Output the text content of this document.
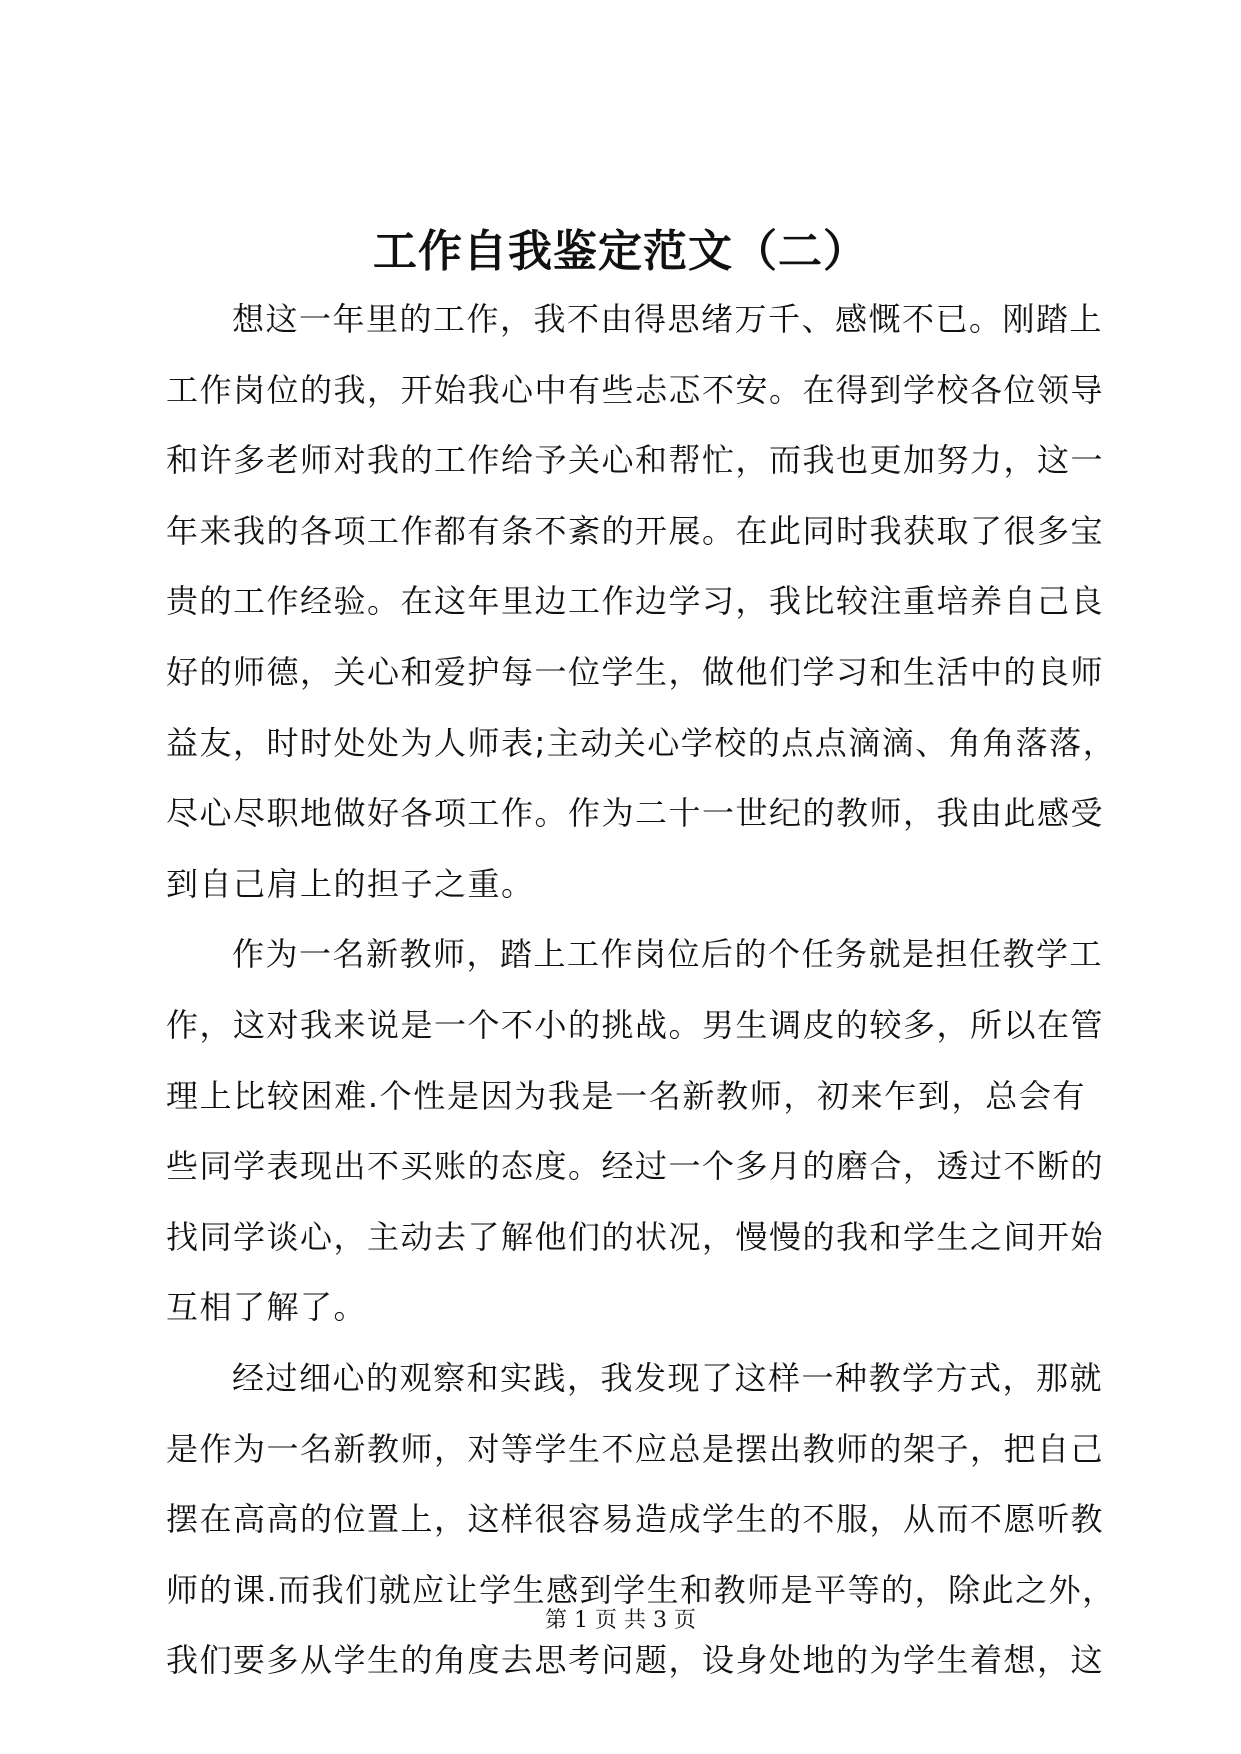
工作自我鉴定范文（二）

想这一年里的工作，我不由得思绪万千、感慨不已。刚踏上
工作岗位的我，开始我心中有些忐忑不安。在得到学校各位领导
和许多老师对我的工作给予关心和帮忙，而我也更加努力，这一
年来我的各项工作都有条不紊的开展。在此同时我获取了很多宝
贵的工作经验。在这年里边工作边学习，我比较注重培养自己良
好的师德，关心和爱护每一位学生，做他们学习和生活中的良师
益友，时时处处为人师表;主动关心学校的点点滴滴、角角落落，
尽心尽职地做好各项工作。作为二十一世纪的教师，我由此感受
到自己肩上的担子之重。

作为一名新教师，踏上工作岗位后的个任务就是担任教学工
作，这对我来说是一个不小的挑战。男生调皮的较多，所以在管
理上比较困难.个性是因为我是一名新教师，初来乍到，总会有
些同学表现出不买账的态度。经过一个多月的磨合，透过不断的
找同学谈心，主动去了解他们的状况，慢慢的我和学生之间开始
互相了解了。

经过细心的观察和实践，我发现了这样一种教学方式，那就
是作为一名新教师，对等学生不应总是摆出教师的架子，把自己
摆在高高的位置上，这样很容易造成学生的不服，从而不愿听教
师的课.而我们就应让学生感到学生和教师是平等的，除此之外，
我们要多从学生的角度去思考问题，设身处地的为学生着想，这

第 1 页 共 3 页
